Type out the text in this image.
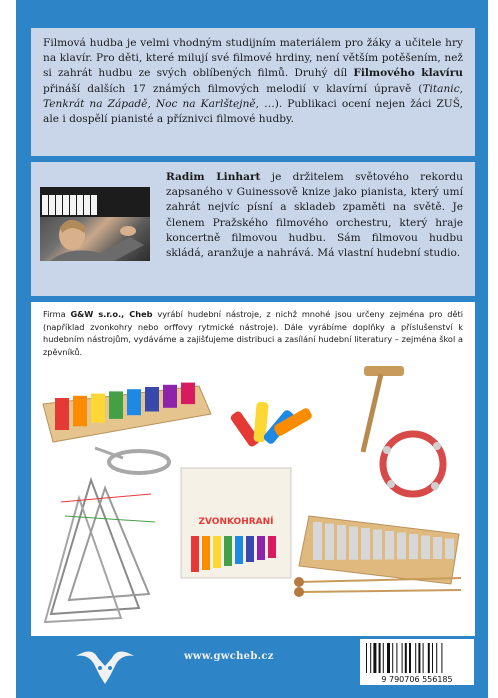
Filmová hudba je velmi vhodným studijním materiálem pro žáky a učitele hry na klavír. Pro děti, které milují své filmové hrdiny, není větším potěšením, než si zahrát hudbu ze svých oblíbených filmů. Druhý díl Filmového klavíru přináší dalších 17 známých filmových melodií v klavírní úpravě (Titanic, Tenkrát na Západě, Noc na Karlštejně, …). Publikaci ocení nejen žáci ZUŠ, ale i dospělí pianisté a příznivci filmové hudby.
Radim Linhart je držitelem světového rekordu zapsaného v Guinessově knize jako pianista, který umí zahrát nejvíc písní a skladeb zpaměti na světě. Je členem Pražského filmového orchestru, který hraje koncertně filmovou hudbu. Sám filmovou hudbu skládá, aranžuje a nahrává. Má vlastní hudební studio.
Firma G&W s.r.o., Cheb vyrábí hudební nástroje, z nichž mnohé jsou určeny zejména pro děti (například zvonkohry nebo orffovy rytmické nástroje). Dále vyrábíme doplňky a příslušenství k hudebním nástrojům, vydáváme a zajišťujeme distribuci a zasílání hudební literatury – zejména škol a zpěvníků.
ZVONKOHRANÍ
www.gwcheb.cz
9 790706 556185
